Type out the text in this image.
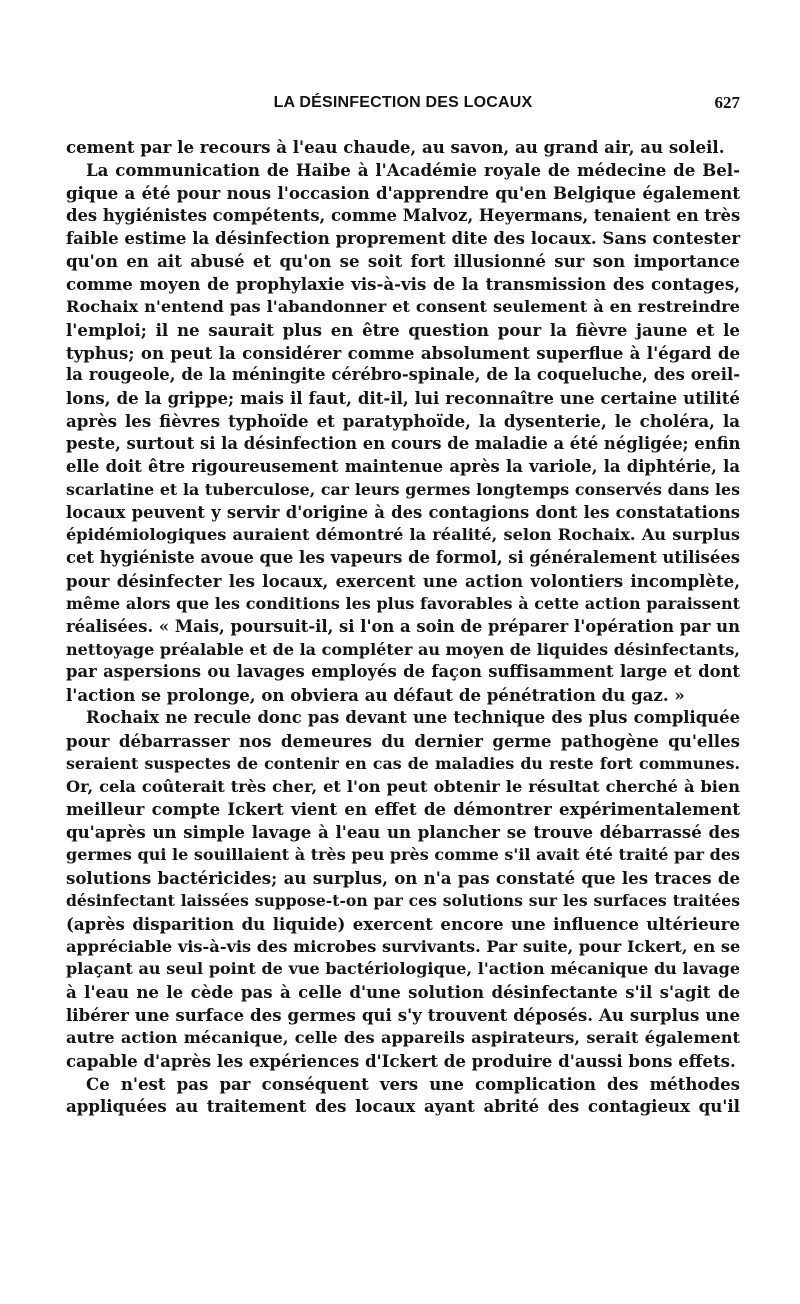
LA DÉSINFECTION DES LOCAUX	627
cement par le recours à l'eau chaude, au savon, au grand air, au soleil.
La communication de Haibe à l'Académie royale de médecine de Bel-
gique a été pour nous l'occasion d'apprendre qu'en Belgique également
des hygiénistes compétents, comme Malvoz, Heyermans, tenaient en très
faible estime la désinfection proprement dite des locaux. Sans contester
qu'on en ait abusé et qu'on se soit fort illusionné sur son importance
comme moyen de prophylaxie vis-à-vis de la transmission des contages,
Rochaix n'entend pas l'abandonner et consent seulement à en restreindre
l'emploi; il ne saurait plus en être question pour la fièvre jaune et le
typhus; on peut la considérer comme absolument superflue à l'égard de
la rougeole, de la méningite cérébro-spinale, de la coqueluche, des oreil-
lons, de la grippe; mais il faut, dit-il, lui reconnaître une certaine utilité
après les fièvres typhoïde et paratyphoïde, la dysenterie, le choléra, la
peste, surtout si la désinfection en cours de maladie a été négligée; enfin
elle doit être rigoureusement maintenue après la variole, la diphtérie, la
scarlatine et la tuberculose, car leurs germes longtemps conservés dans les
locaux peuvent y servir d'origine à des contagions dont les constatations
épidémiologiques auraient démontré la réalité, selon Rochaix. Au surplus
cet hygiéniste avoue que les vapeurs de formol, si généralement utilisées
pour désinfecter les locaux, exercent une action volontiers incomplète,
même alors que les conditions les plus favorables à cette action paraissent
réalisées. « Mais, poursuit-il, si l'on a soin de préparer l'opération par un
nettoyage préalable et de la compléter au moyen de liquides désinfectants,
par aspersions ou lavages employés de façon suffisamment large et dont
l'action se prolonge, on obviera au défaut de pénétration du gaz. »
Rochaix ne recule donc pas devant une technique des plus compliquée
pour débarrasser nos demeures du dernier germe pathogène qu'elles
seraient suspectes de contenir en cas de maladies du reste fort communes.
Or, cela coûterait très cher, et l'on peut obtenir le résultat cherché à bien
meilleur compte Ickert vient en effet de démontrer expérimentalement
qu'après un simple lavage à l'eau un plancher se trouve débarrassé des
germes qui le souillaient à très peu près comme s'il avait été traité par des
solutions bactéricides; au surplus, on n'a pas constaté que les traces de
désinfectant laissées suppose-t-on par ces solutions sur les surfaces traitées
(après disparition du liquide) exercent encore une influence ultérieure
appréciable vis-à-vis des microbes survivants. Par suite, pour Ickert, en se
plaçant au seul point de vue bactériologique, l'action mécanique du lavage
à l'eau ne le cède pas à celle d'une solution désinfectante s'il s'agit de
libérer une surface des germes qui s'y trouvent déposés. Au surplus une
autre action mécanique, celle des appareils aspirateurs, serait également
capable d'après les expériences d'Ickert de produire d'aussi bons effets.
Ce n'est pas par conséquent vers une complication des méthodes
appliquées au traitement des locaux ayant abrité des contagieux qu'il
